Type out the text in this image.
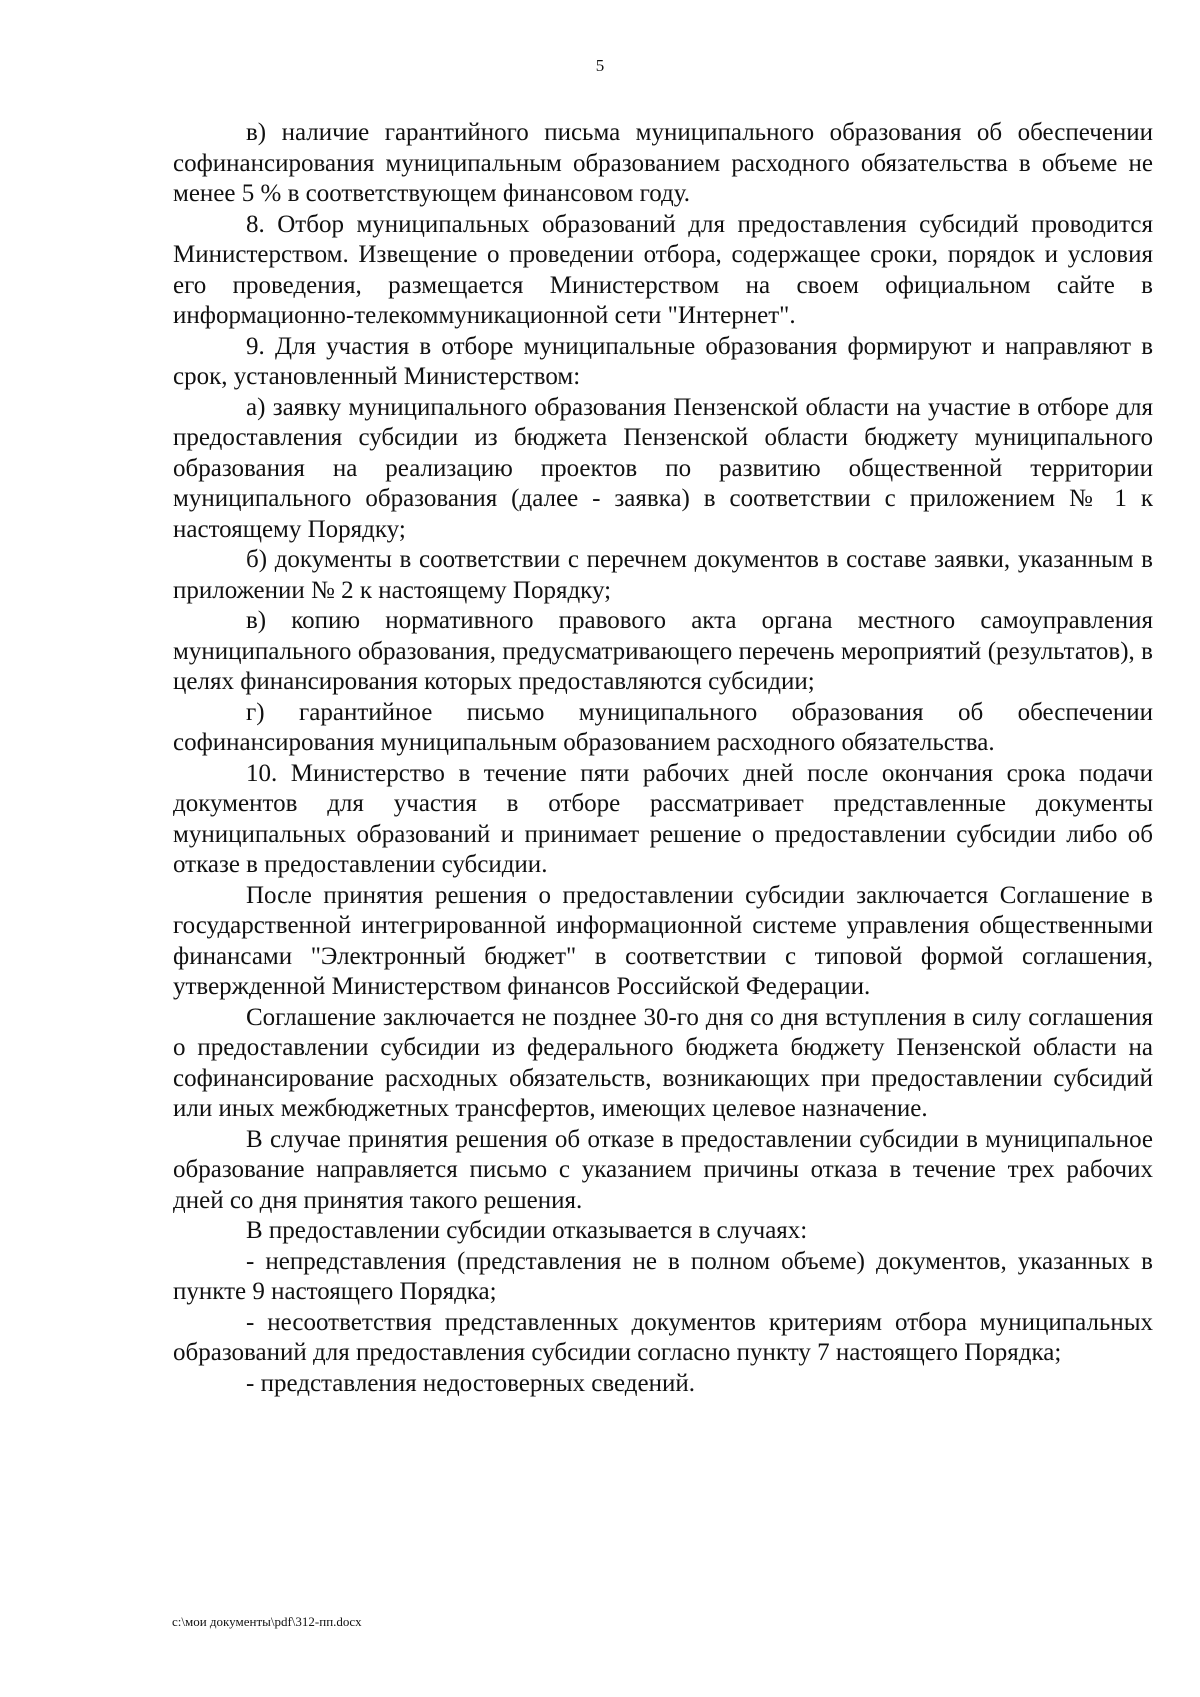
5

в) наличие гарантийного письма муниципального образования об обеспечении софинансирования муниципальным образованием расходного обязательства в объеме не менее 5 % в соответствующем финансовом году.

8. Отбор муниципальных образований для предоставления субсидий проводится Министерством. Извещение о проведении отбора, содержащее сроки, порядок и условия его проведения, размещается Министерством на своем официальном сайте в информационно-телекоммуникационной сети "Интернет".

9. Для участия в отборе муниципальные образования формируют и направляют в срок, установленный Министерством:

а) заявку муниципального образования Пензенской области на участие в отборе для предоставления субсидии из бюджета Пензенской области бюджету муниципального образования на реализацию проектов по развитию общественной территории муниципального образования (далее - заявка) в соответствии с приложением № 1 к настоящему Порядку;

б) документы в соответствии с перечнем документов в составе заявки, указанным в приложении № 2 к настоящему Порядку;

в) копию нормативного правового акта органа местного самоуправления муниципального образования, предусматривающего перечень мероприятий (результатов), в целях финансирования которых предоставляются субсидии;

г) гарантийное письмо муниципального образования об обеспечении софинансирования муниципальным образованием расходного обязательства.

10. Министерство в течение пяти рабочих дней после окончания срока подачи документов для участия в отборе рассматривает представленные документы муниципальных образований и принимает решение о предоставлении субсидии либо об отказе в предоставлении субсидии.

После принятия решения о предоставлении субсидии заключается Соглашение в государственной интегрированной информационной системе управления общественными финансами "Электронный бюджет" в соответствии с типовой формой соглашения, утвержденной Министерством финансов Российской Федерации.

Соглашение заключается не позднее 30-го дня со дня вступления в силу соглашения о предоставлении субсидии из федерального бюджета бюджету Пензенской области на софинансирование расходных обязательств, возникающих при предоставлении субсидий или иных межбюджетных трансфертов, имеющих целевое назначение.

В случае принятия решения об отказе в предоставлении субсидии в муниципальное образование направляется письмо с указанием причины отказа в течение трех рабочих дней со дня принятия такого решения.

В предоставлении субсидии отказывается в случаях:

- непредставления (представления не в полном объеме) документов, указанных в пункте 9 настоящего Порядка;

- несоответствия представленных документов критериям отбора муниципальных образований для предоставления субсидии согласно пункту 7 настоящего Порядка;

- представления недостоверных сведений.

c:\мои документы\pdf\312-пп.docx
